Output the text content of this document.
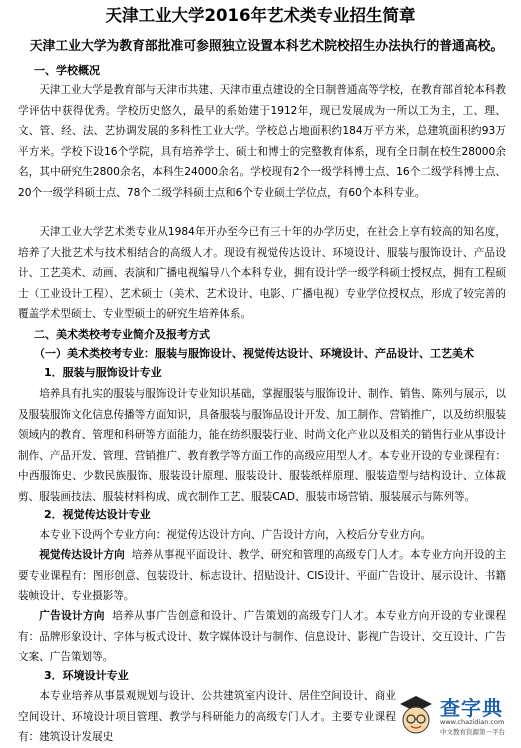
天津工业大学2016年艺术类专业招生简章
天津工业大学为教育部批准可参照独立设置本科艺术院校招生办法执行的普通高校。
一、学校概况
天津工业大学是教育部与天津市共建、天津市重点建设的全日制普通高等学校，在教育部首轮本科教学评估中获得优秀。学校历史悠久，最早的系始建于1912年，现已发展成为一所以工为主，工、理、文、管、经、法、艺协调发展的多科性工业大学。学校总占地面积约184万平方米，总建筑面积约93万平方米。学校下设16个学院，具有培养学士、硕士和博士的完整教育体系，现有全日制在校生28000余名，其中研究生2800余名，本科生24000余名。学校现有2个一级学科博士点、16个二级学科博士点、20个一级学科硕士点、78个二级学科硕士点和6个专业硕士学位点，有60个本科专业。
天津工业大学艺术类专业从1984年开办至今已有三十年的办学历史，在社会上享有较高的知名度，培养了大批艺术与技术相结合的高级人才。现设有视觉传达设计、环境设计、服装与服饰设计、产品设计、工艺美术、动画、表演和广播电视编导八个本科专业，拥有设计学一级学科硕士授权点，拥有工程硕士（工业设计工程）、艺术硕士（美术、艺术设计、电影、广播电视）专业学位授权点，形成了较完善的覆盖学术型硕士、专业型硕士的研究生培养体系。
二、美术类校考专业简介及报考方式
（一）美术类校考专业：服装与服饰设计、视觉传达设计、环境设计、产品设计、工艺美术
1．服装与服饰设计专业
培养具有扎实的服装与服饰设计专业知识基础，掌握服装与服饰设计、制作、销售、陈列与展示，以及服装服饰文化信息传播等方面知识，具备服装与服饰品设计开发、加工制作、营销推广，以及纺织服装领域内的教育、管理和科研等方面能力，能在纺织服装行业、时尚文化产业以及相关的销售行业从事设计制作、产品开发、管理、营销推广、教育教学等方面工作的高级应用型人才。本专业开设的专业课程有：中西服饰史、少数民族服饰、服装设计原理、服装设计、服装纸样原理、服装造型与结构设计、立体裁剪、服装画技法、服装材料构成、成衣制作工艺、服装CAD、服装市场营销、服装展示与陈列等。
2．视觉传达设计专业
本专业下设两个专业方向：视觉传达设计方向、广告设计方向，入校后分专业方向。
视觉传达设计方向 培养从事视平面设计、教学、研究和管理的高级专门人才。本专业方向开设的主要专业课程有：图形创意、包装设计、标志设计、招贴设计、CIS设计、平面广告设计、展示设计、书籍装帧设计、专业摄影等。
广告设计方向 培养从事广告创意和设计、广告策划的高级专门人才。本专业方向开设的专业课程有：品牌形象设计、字体与板式设计、数字媒体设计与制作、信息设计、影视广告设计、交互设计、广告文案、广告策划等。
3．环境设计专业
本专业培养从事景观规划与设计、公共建筑室内设计、居住空间设计、商业空间设计、环境设计项目管理、教学与科研能力的高级专门人才。主要专业课程有：建筑设计发展史
查字典
www.chazidian.com
中文教育资源第一平台
